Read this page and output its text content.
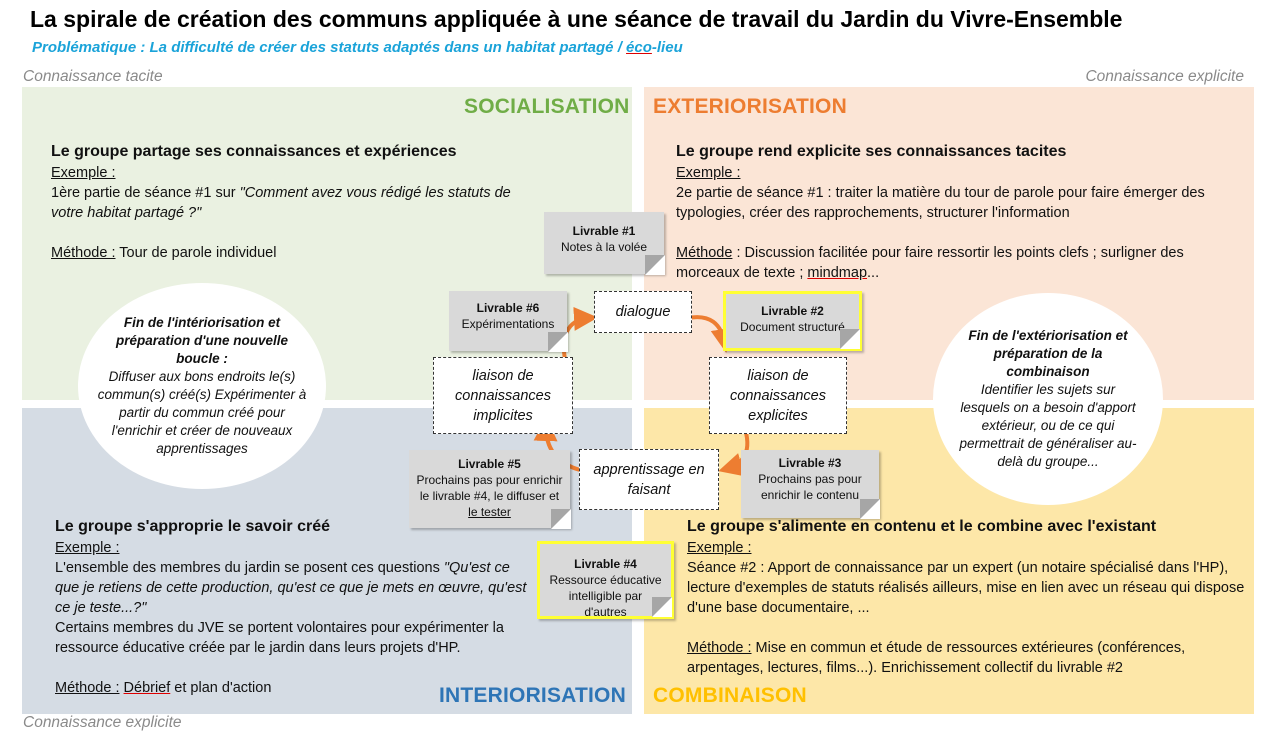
La spirale de création des communs appliquée à une séance de travail du Jardin du Vivre-Ensemble
Problématique : La difficulté de créer des statuts adaptés dans un habitat partagé / éco-lieu
Connaissance tacite	Connaissance explicite
Connaissance explicite
SOCIALISATION EXTERIORISATION
INTERIORISATION COMBINAISON
Le groupe partage ses connaissances et expériences
Exemple :
1ère partie de séance #1 sur "Comment avez vous rédigé les statuts de votre habitat partagé ?"
Méthode : Tour de parole individuel
Le groupe rend explicite ses connaissances tacites
Exemple :
2e partie de séance #1 : traiter la matière du tour de parole pour faire émerger des typologies, créer des rapprochements, structurer l'information
Méthode : Discussion facilitée pour faire ressortir les points clefs ; surligner des morceaux de texte ; mindmap...
Le groupe s'approprie le savoir créé
Exemple :
L'ensemble des membres du jardin se posent ces questions "Qu'est ce que je retiens de cette production, qu'est ce que je mets en œuvre, qu'est ce je teste...?"
Certains membres du JVE se portent volontaires pour expérimenter la ressource éducative créée par le jardin dans leurs projets d'HP.
Méthode : Débrief et plan d'action
Le groupe s'alimente en contenu et le combine avec l'existant
Exemple :
Séance #2 : Apport de connaissance par un expert (un notaire spécialisé dans l'HP), lecture d'exemples de statuts réalisés ailleurs, mise en lien avec un réseau qui dispose d'une base documentaire, ...
Méthode : Mise en commun et étude de ressources extérieures (conférences, arpentages, lectures, films...). Enrichissement collectif du livrable #2
Fin de l'intériorisation et préparation d'une nouvelle boucle :
Diffuser aux bons endroits le(s) commun(s) créé(s) Expérimenter à partir du commun créé pour l'enrichir et créer de nouveaux apprentissages
Fin de l'extériorisation et préparation de la combinaison
Identifier les sujets sur lesquels on a besoin d'apport extérieur, ou de ce qui permettrait de généraliser au-delà du groupe...
dialogue
liaison de connaissances explicites
apprentissage en faisant
liaison de connaissances implicites
Livrable #1
Notes à la volée
Livrable #2
Document structuré
Livrable #6
Expérimentations
Livrable #3
Prochains pas pour enrichir le contenu
Livrable #5
Prochains pas pour enrichir le livrable #4, le diffuser et le tester
Livrable #4
Ressource éducative intelligible par d'autres
